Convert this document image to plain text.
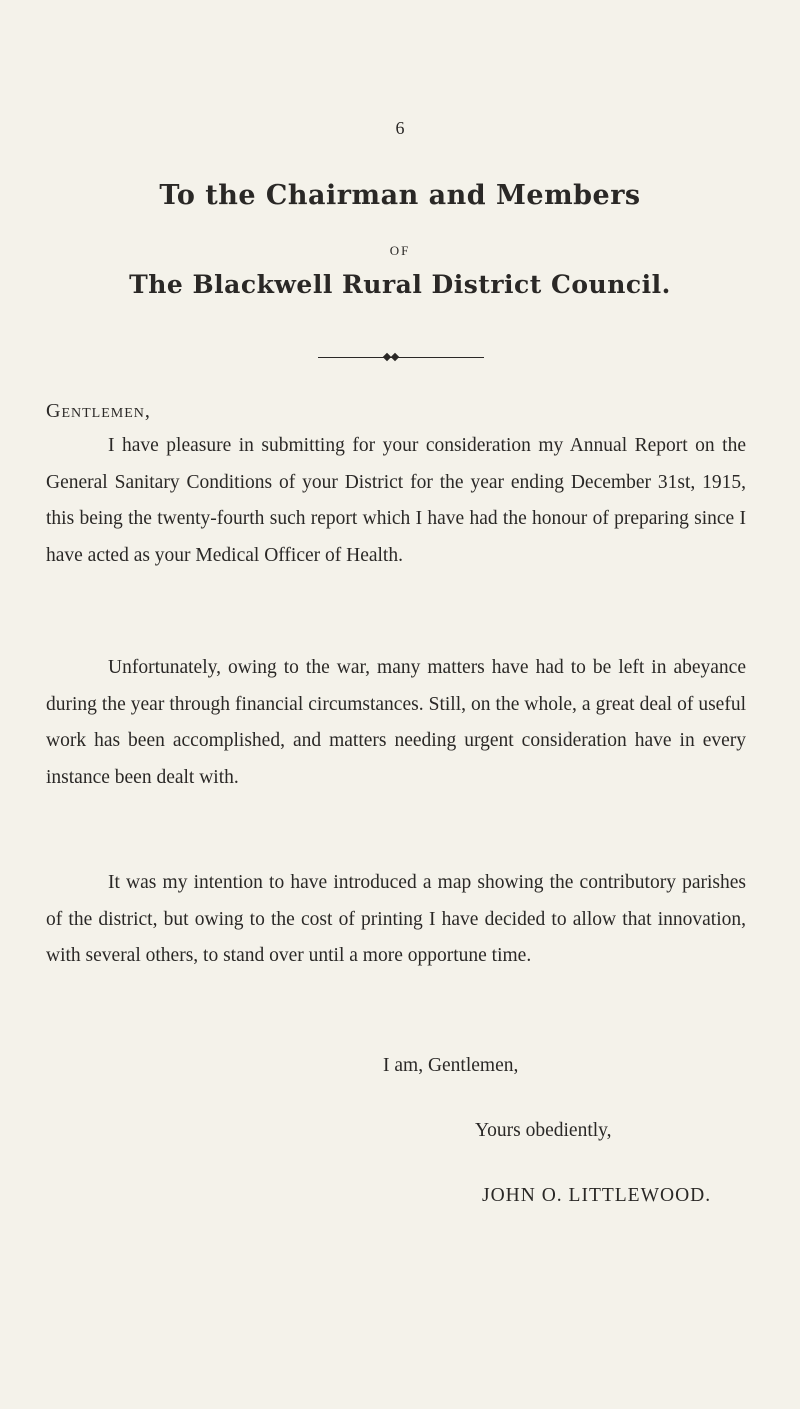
6
To the Chairman and Members
OF
The Blackwell Rural District Council.
Gentlemen,

I have pleasure in submitting for your consideration my Annual Report on the General Sanitary Conditions of your District for the year ending December 31st, 1915, this being the twenty-fourth such report which I have had the honour of preparing since I have acted as your Medical Officer of Health.

Unfortunately, owing to the war, many matters have had to be left in abeyance during the year through financial circumstances. Still, on the whole, a great deal of useful work has been accomplished, and matters needing urgent consideration have in every instance been dealt with.

It was my intention to have introduced a map showing the contributory parishes of the district, but owing to the cost of printing I have decided to allow that innovation, with several others, to stand over until a more opportune time.

I am, Gentlemen,
Yours obediently,
JOHN O. LITTLEWOOD.
